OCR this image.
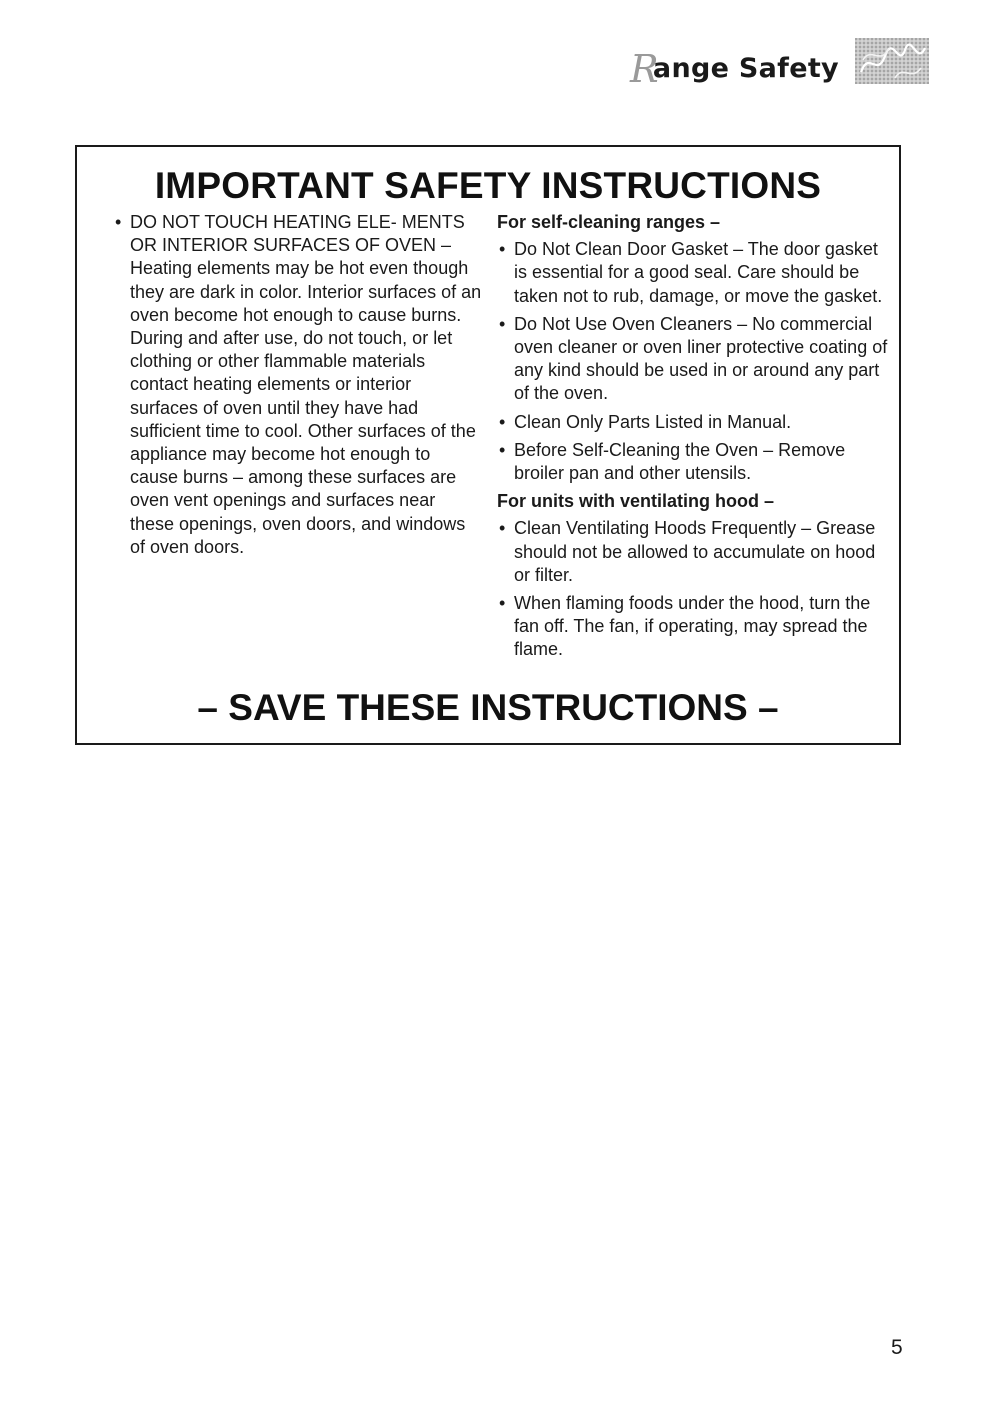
Range Safety
IMPORTANT SAFETY INSTRUCTIONS
• DO NOT TOUCH HEATING ELE- MENTS OR INTERIOR SURFACES OF OVEN – Heating elements may be hot even though they are dark in color. Interior surfaces of an oven become hot enough to cause burns. During and after use, do not touch, or let clothing or other flammable materials contact heating elements or interior surfaces of oven until they have had sufficient time to cool. Other surfaces of the appliance may become hot enough to cause burns – among these surfaces are oven vent openings and surfaces near these openings, oven doors, and windows of oven doors.
For self-cleaning ranges –
• Do Not Clean Door Gasket – The door gasket is essential for a good seal. Care should be taken not to rub, damage, or move the gasket.
• Do Not Use Oven Cleaners – No commercial oven cleaner or oven liner protective coating of any kind should be used in or around any part of the oven.
• Clean Only Parts Listed in Manual.
• Before Self-Cleaning the Oven – Remove broiler pan and other utensils.
For units with ventilating hood –
• Clean Ventilating Hoods Frequently – Grease should not be allowed to accumulate on hood or filter.
• When flaming foods under the hood, turn the fan off. The fan, if operating, may spread the flame.
– SAVE THESE INSTRUCTIONS –
5
